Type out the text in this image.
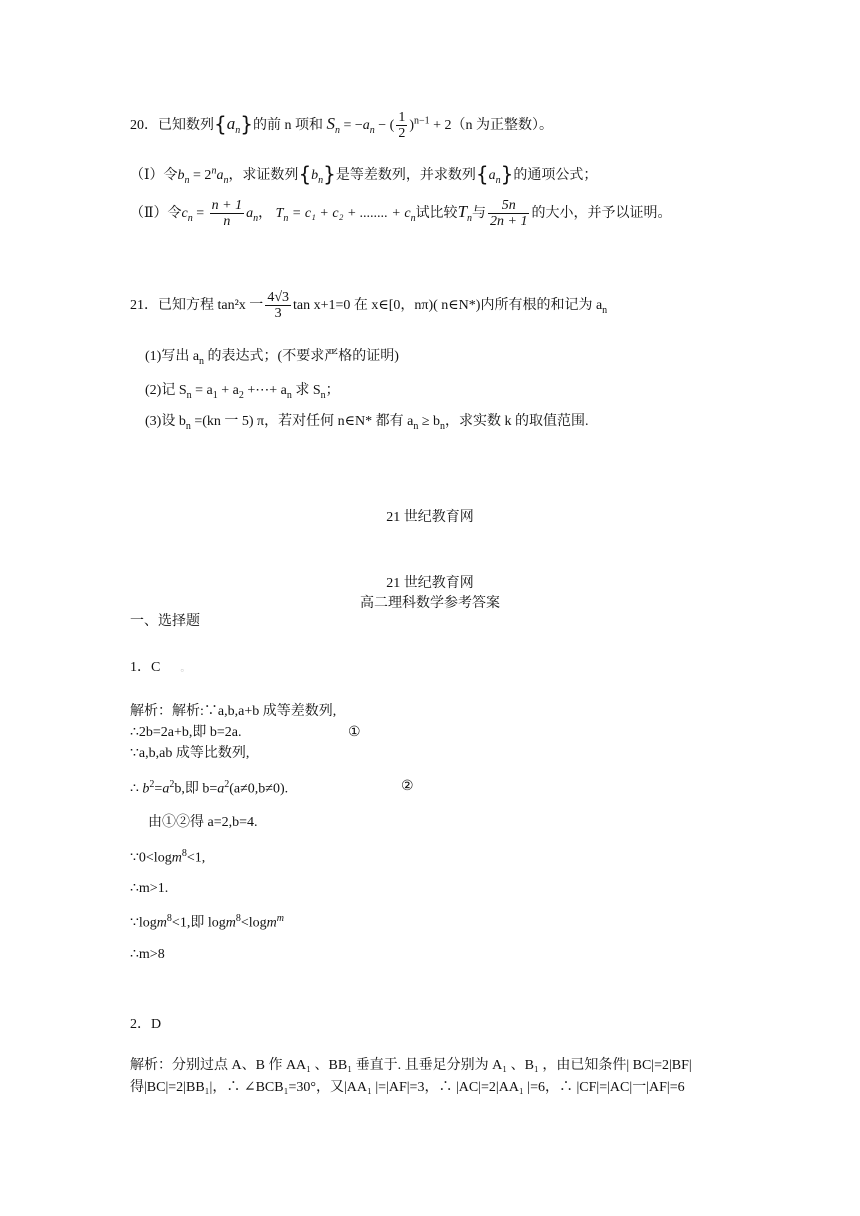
20．已知数列$\{a_n\}$的前 n 项和 $S_n = -a_n$ − ( $\frac{1}{2} )^{n-1} + 2(n$ 为正整数）。
（Ⅰ）令$b_n = 2^na_n$，求证数列$\{b_n\}$是等差数列，并求数列$\{a_n\}$的通项公式；
（Ⅱ）令$c_n = \frac{n + 1}{n} a_n$， $T_n = c_1 + c_2$ + ........ + $c_n$试比较$T_n$与 $\frac{5n}{2n + 1}$ 的大小，并予以证明。
21．已知方程 tan²x 一 $\frac{4√3}{3}$ tan x+1=0 在 x∈[0，nπ)( n∈N*)内所有根的和记为 $a_n$
(1)写出 $a_n$ 的表达式；(不要求严格的证明)
(2)记 $S_n = a_1 + a_2$ +⋯+ $a_n$ 求 $S_n$；
(3)设 $b_n =(kn$ 一 5) π，若对任何 n∈N* 都有 $a_n \ge b_n$，求实数 k 的取值范围.
21 世纪教育网
21 世纪教育网
高二理科数学参考答案
一、选择题
1．C 。
解析：解析:∵a,b,a+b 成等差数列,
∴2b=2a+b,即 b=2a.	①
∵a,b,ab 成等比数列,
∴ $b^2=a^2b$,即 $b=a^2(a\ne 0,b\ne 0)$.	②
由①②得 a=2,b=4.
∵0<logm$^8$<1,
∴m>1.
∵logm$^8$<1,即 logm$^8$<logm$^m$
∴m>8
2．D
解析：分别过点 A、B 作 AA₁ 、BB₁ 垂直于. 且垂足分别为 A₁ 、B₁ ，由已知条件| BC|=2|BF|
得|BC|=2|BB₁|，∴ ∠BCB₁=30°，又|AA₁ |=|AF|=3，∴ |AC|=2|AA₁ |=6，∴ |CF|=|AC|一|AF|=6
